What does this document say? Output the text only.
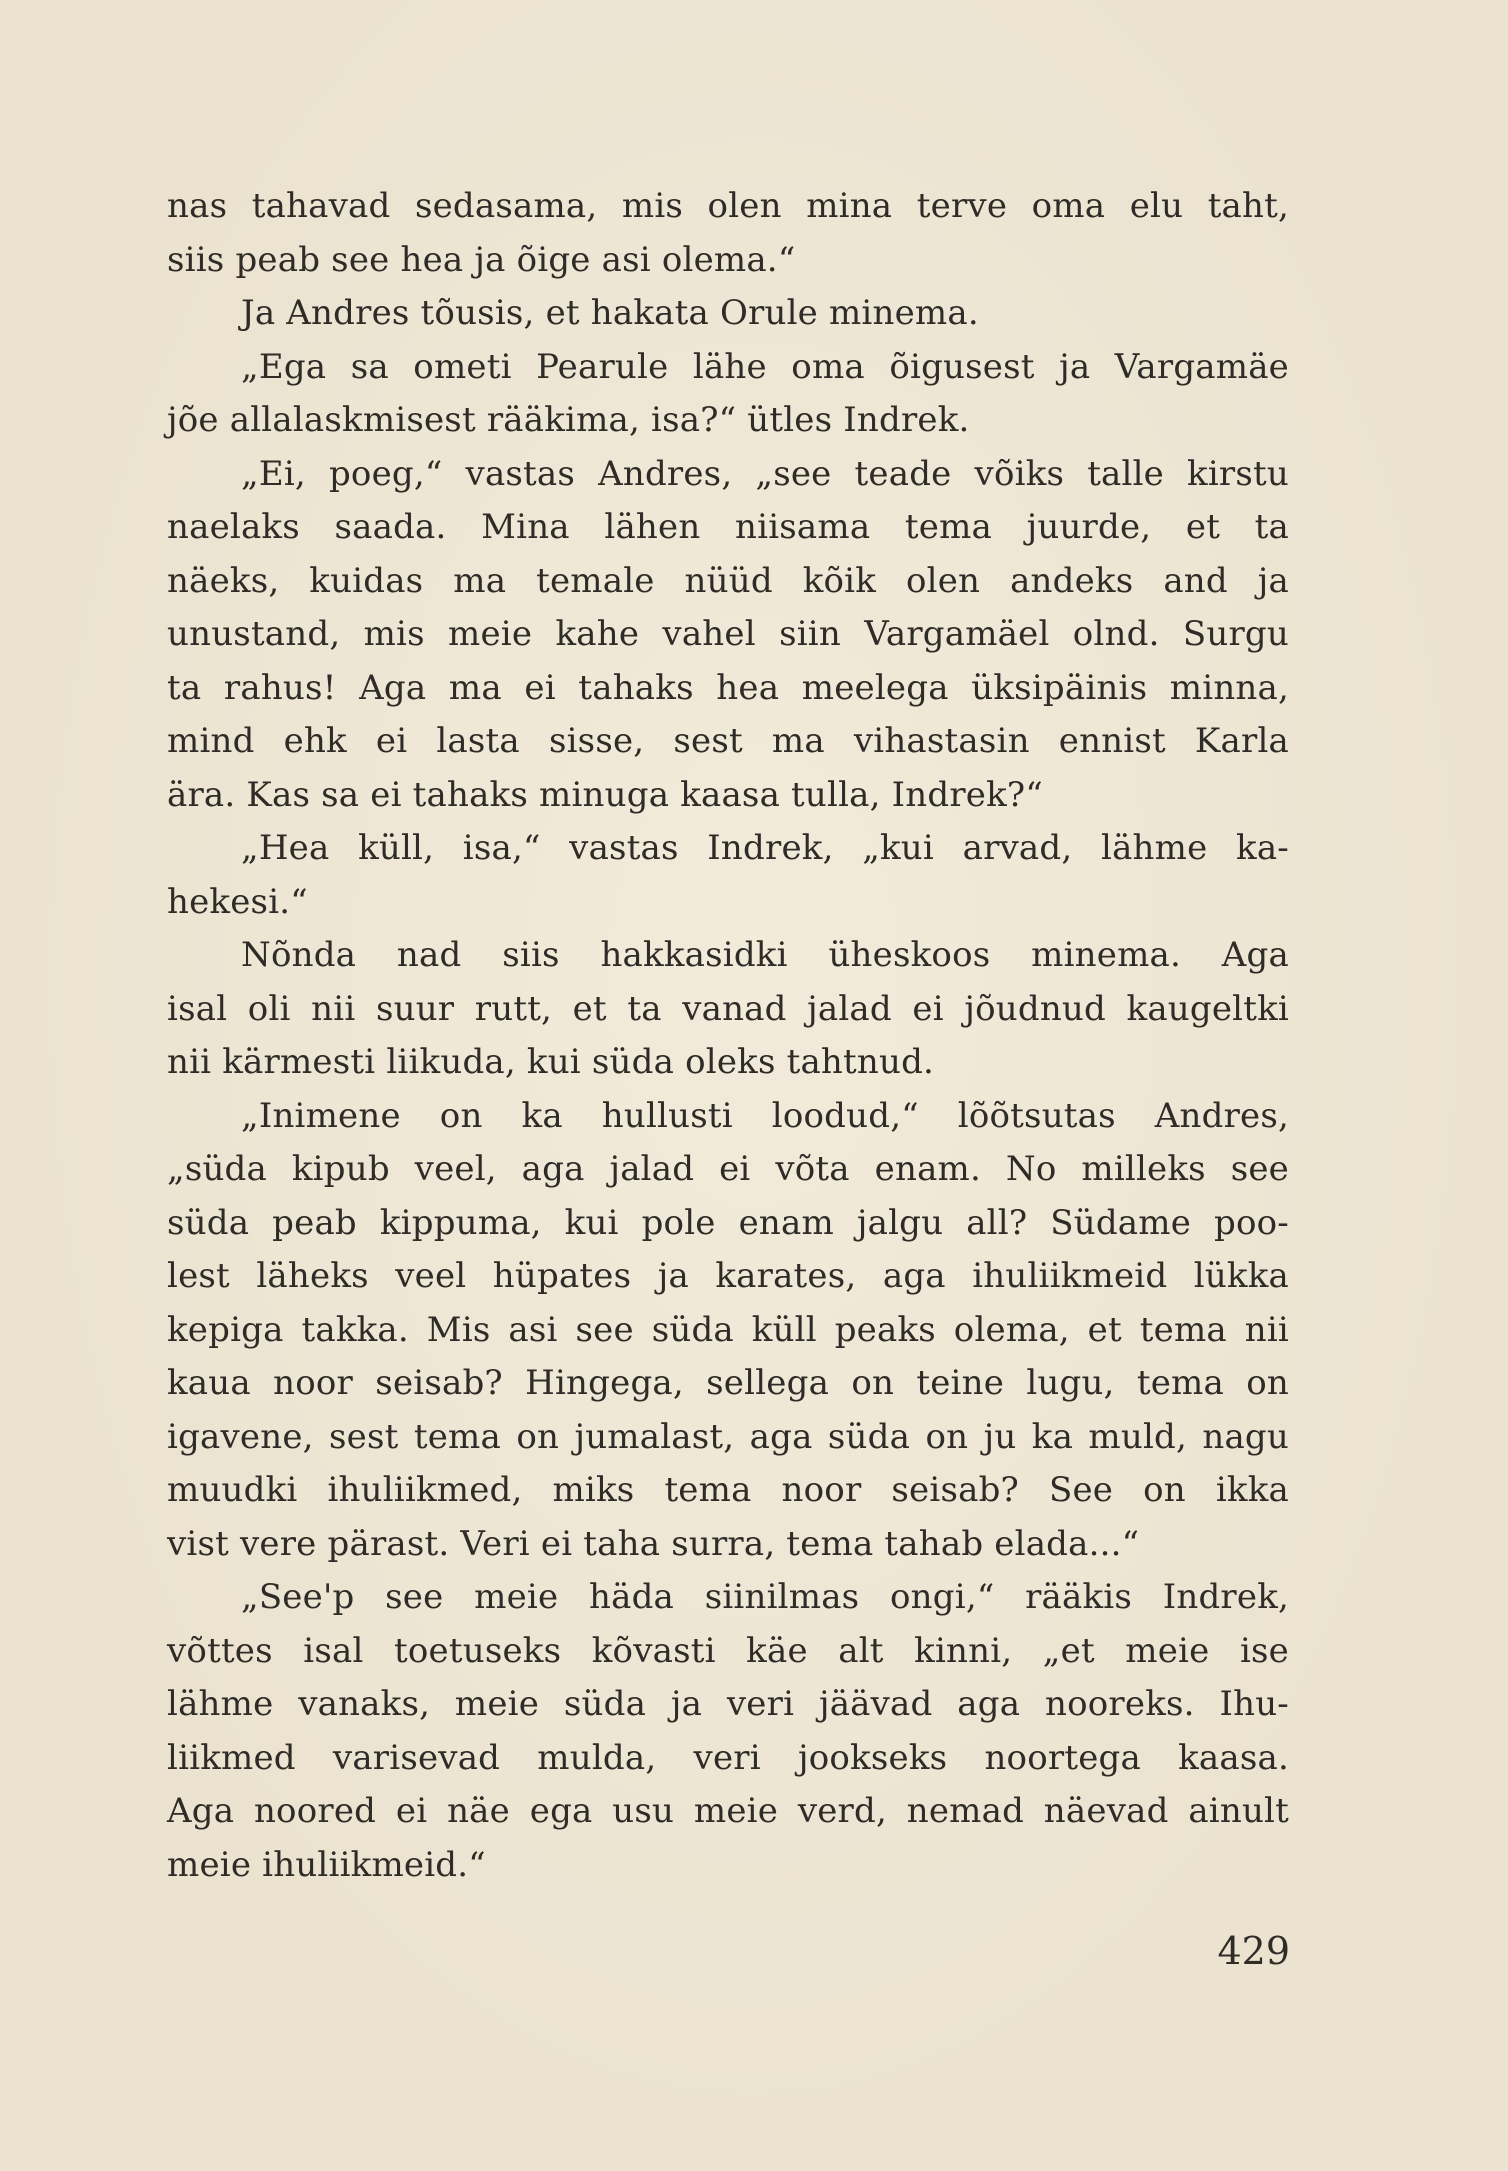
nas tahavad sedasama, mis olen mina terve oma elu taht,
siis peab see hea ja õige asi olema.“
Ja Andres tõusis, et hakata Orule minema.
„Ega sa ometi Pearule lähe oma õigusest ja Vargamäe
jõe allalaskmisest rääkima, isa?“ ütles Indrek.
„Ei, poeg,“ vastas Andres, „see teade võiks talle kirstu
naelaks saada. Mina lähen niisama tema juurde, et ta
näeks, kuidas ma temale nüüd kõik olen andeks and ja
unustand, mis meie kahe vahel siin Vargamäel olnd. Surgu
ta rahus! Aga ma ei tahaks hea meelega üksipäinis minna,
mind ehk ei lasta sisse, sest ma vihastasin ennist Karla
ära. Kas sa ei tahaks minuga kaasa tulla, Indrek?“
„Hea küll, isa,“ vastas Indrek, „kui arvad, lähme ka-
hekesi.“
Nõnda nad siis hakkasidki üheskoos minema. Aga
isal oli nii suur rutt, et ta vanad jalad ei jõudnud kaugeltki
nii kärmesti liikuda, kui süda oleks tahtnud.
„Inimene on ka hullusti loodud,“ lõõtsutas Andres,
„süda kipub veel, aga jalad ei võta enam. No milleks see
süda peab kippuma, kui pole enam jalgu all? Südame poo-
lest läheks veel hüpates ja karates, aga ihuliikmeid lükka
kepiga takka. Mis asi see süda küll peaks olema, et tema nii
kaua noor seisab? Hingega, sellega on teine lugu, tema on
igavene, sest tema on jumalast, aga süda on ju ka muld, nagu
muudki ihuliikmed, miks tema noor seisab? See on ikka
vist vere pärast. Veri ei taha surra, tema tahab elada...“
„See'p see meie häda siinilmas ongi,“ rääkis Indrek,
võttes isal toetuseks kõvasti käe alt kinni, „et meie ise
lähme vanaks, meie süda ja veri jäävad aga nooreks. Ihu-
liikmed varisevad mulda, veri jookseks noortega kaasa.
Aga noored ei näe ega usu meie verd, nemad näevad ainult
meie ihuliikmeid.“
429
